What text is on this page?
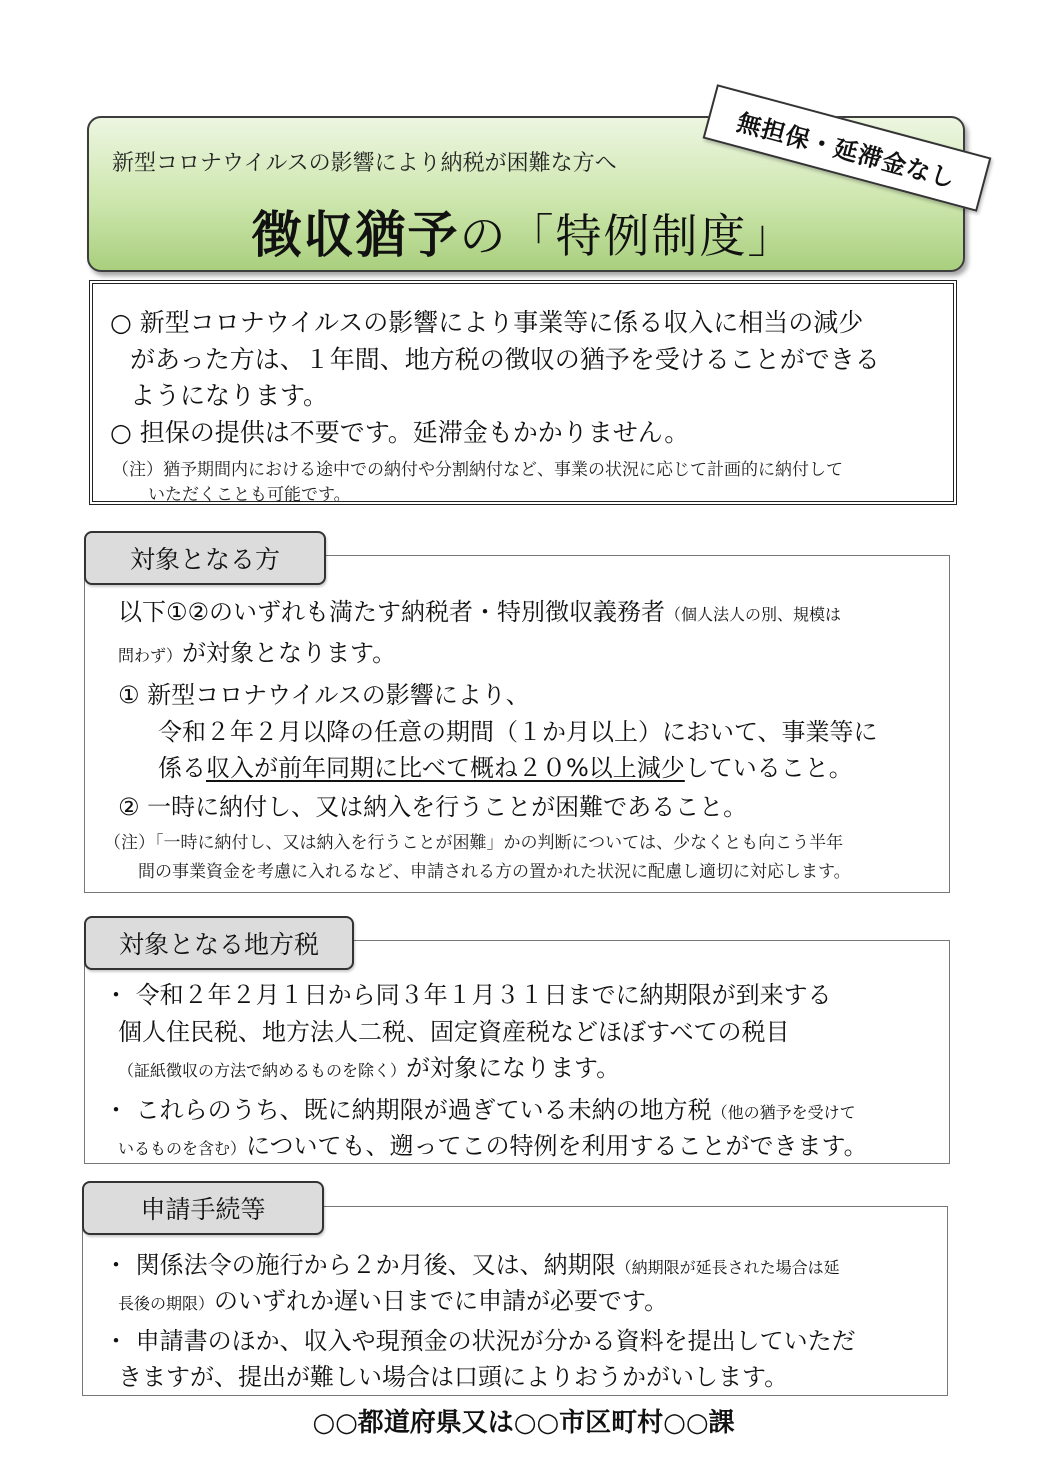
新型コロナウイルスの影響により納税が困難な方へ
徴収猶予の「特例制度」
無担保・延滞金なし
○ 新型コロナウイルスの影響により事業等に係る収入に相当の減少
があった方は、１年間、地方税の徴収の猶予を受けることができる
ようになります。
○ 担保の提供は不要です。延滞金もかかりません。
（注）猶予期間内における途中での納付や分割納付など、事業の状況に応じて計画的に納付して
いただくことも可能です。
対象となる方
以下①②のいずれも満たす納税者・特別徴収義務者（個人法人の別、規模は
問わず）が対象となります。
① 新型コロナウイルスの影響により、
令和２年２月以降の任意の期間（１か月以上）において、事業等に
係る収入が前年同期に比べて概ね２０%以上減少していること。
② 一時に納付し、又は納入を行うことが困難であること。
（注）「一時に納付し、又は納入を行うことが困難」かの判断については、少なくとも向こう半年
間の事業資金を考慮に入れるなど、申請される方の置かれた状況に配慮し適切に対応します。
対象となる地方税
・ 令和２年２月１日から同３年１月３１日までに納期限が到来する
個人住民税、地方法人二税、固定資産税などほぼすべての税目
（証紙徴収の方法で納めるものを除く）が対象になります。
・ これらのうち、既に納期限が過ぎている未納の地方税（他の猶予を受けて
いるものを含む）についても、遡ってこの特例を利用することができます。
申請手続等
・ 関係法令の施行から２か月後、又は、納期限（納期限が延長された場合は延
長後の期限）のいずれか遅い日までに申請が必要です。
・ 申請書のほか、収入や現預金の状況が分かる資料を提出していただ
きますが、提出が難しい場合は口頭によりおうかがいします。
○○都道府県又は○○市区町村○○課
